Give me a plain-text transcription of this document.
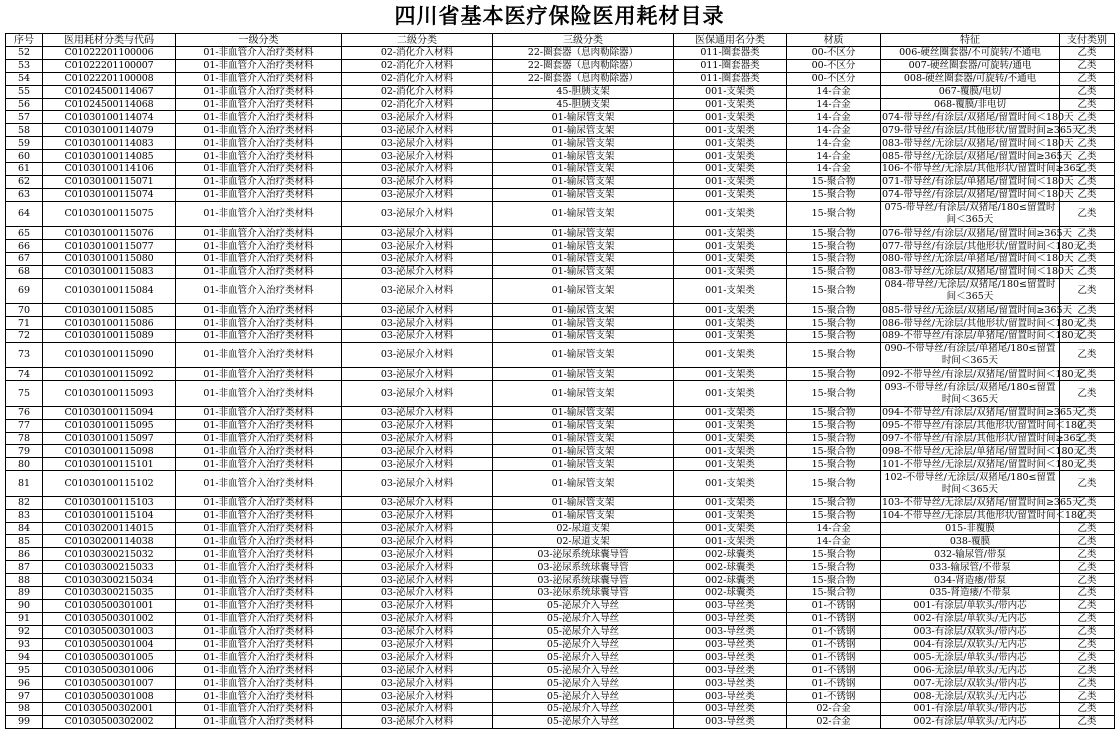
四川省基本医疗保险医用耗材目录
序号	医用耗材分类与代码	一级分类	二级分类	三级分类	医保通用名分类	材质	特征	支付类别
52	C01022201100006	01-非血管介入治疗类材料	02-消化介入材料	22-圈套器（息肉勒除器）	011-圈套器类	00-不区分	006-硬丝圈套器/不可旋转/不通电	乙类
53	C01022201100007	01-非血管介入治疗类材料	02-消化介入材料	22-圈套器（息肉勒除器）	011-圈套器类	00-不区分	007-硬丝圈套器/可旋转/通电	乙类
54	C01022201100008	01-非血管介入治疗类材料	02-消化介入材料	22-圈套器（息肉勒除器）	011-圈套器类	00-不区分	008-硬丝圈套器/可旋转/不通电	乙类
55	C01024500114067	01-非血管介入治疗类材料	02-消化介入材料	45-胆胰支架	001-支架类	14-合金	067-覆膜/电切	乙类
56	C01024500114068	01-非血管介入治疗类材料	02-消化介入材料	45-胆胰支架	001-支架类	14-合金	068-覆膜/非电切	乙类
57	C01030100114074	01-非血管介入治疗类材料	03-泌尿介入材料	01-输尿管支架	001-支架类	14-合金	074-带导丝/有涂层/双猪尾/留置时间＜180天	乙类
58	C01030100114079	01-非血管介入治疗类材料	03-泌尿介入材料	01-输尿管支架	001-支架类	14-合金	079-带导丝/有涂层/其他形状/留置时间≥365天	乙类
59	C01030100114083	01-非血管介入治疗类材料	03-泌尿介入材料	01-输尿管支架	001-支架类	14-合金	083-带导丝/无涂层/双猪尾/留置时间＜180天	乙类
60	C01030100114085	01-非血管介入治疗类材料	03-泌尿介入材料	01-输尿管支架	001-支架类	14-合金	085-带导丝/无涂层/双猪尾/留置时间≥365天	乙类
61	C01030100114106	01-非血管介入治疗类材料	03-泌尿介入材料	01-输尿管支架	001-支架类	14-合金	106-不带导丝/无涂层/其他形状/留置时间≥365	乙类
62	C01030100115071	01-非血管介入治疗类材料	03-泌尿介入材料	01-输尿管支架	001-支架类	15-聚合物	071-带导丝/有涂层/单猪尾/留置时间＜180天	乙类
63	C01030100115074	01-非血管介入治疗类材料	03-泌尿介入材料	01-输尿管支架	001-支架类	15-聚合物	074-带导丝/有涂层/双猪尾/留置时间＜180天	乙类
64	C01030100115075	01-非血管介入治疗类材料	03-泌尿介入材料	01-输尿管支架	001-支架类	15-聚合物	075-带导丝/有涂层/双猪尾/180≤留置时间＜365天	乙类
65	C01030100115076	01-非血管介入治疗类材料	03-泌尿介入材料	01-输尿管支架	001-支架类	15-聚合物	076-带导丝/有涂层/双猪尾/留置时间≥365天	乙类
66	C01030100115077	01-非血管介入治疗类材料	03-泌尿介入材料	01-输尿管支架	001-支架类	15-聚合物	077-带导丝/有涂层/其他形状/留置时间＜180天	乙类
67	C01030100115080	01-非血管介入治疗类材料	03-泌尿介入材料	01-输尿管支架	001-支架类	15-聚合物	080-带导丝/无涂层/单猪尾/留置时间＜180天	乙类
68	C01030100115083	01-非血管介入治疗类材料	03-泌尿介入材料	01-输尿管支架	001-支架类	15-聚合物	083-带导丝/无涂层/双猪尾/留置时间＜180天	乙类
69	C01030100115084	01-非血管介入治疗类材料	03-泌尿介入材料	01-输尿管支架	001-支架类	15-聚合物	084-带导丝/无涂层/双猪尾/180≤留置时间＜365天	乙类
70	C01030100115085	01-非血管介入治疗类材料	03-泌尿介入材料	01-输尿管支架	001-支架类	15-聚合物	085-带导丝/无涂层/双猪尾/留置时间≥365天	乙类
71	C01030100115086	01-非血管介入治疗类材料	03-泌尿介入材料	01-输尿管支架	001-支架类	15-聚合物	086-带导丝/无涂层/其他形状/留置时间＜180天	乙类
72	C01030100115089	01-非血管介入治疗类材料	03-泌尿介入材料	01-输尿管支架	001-支架类	15-聚合物	089-不带导丝/有涂层/单猪尾/留置时间＜180天	乙类
73	C01030100115090	01-非血管介入治疗类材料	03-泌尿介入材料	01-输尿管支架	001-支架类	15-聚合物	090-不带导丝/有涂层/单猪尾/180≤留置时间＜365天	乙类
74	C01030100115092	01-非血管介入治疗类材料	03-泌尿介入材料	01-输尿管支架	001-支架类	15-聚合物	092-不带导丝/有涂层/双猪尾/留置时间＜180天	乙类
75	C01030100115093	01-非血管介入治疗类材料	03-泌尿介入材料	01-输尿管支架	001-支架类	15-聚合物	093-不带导丝/有涂层/双猪尾/180≤留置时间＜365天	乙类
76	C01030100115094	01-非血管介入治疗类材料	03-泌尿介入材料	01-输尿管支架	001-支架类	15-聚合物	094-不带导丝/有涂层/双猪尾/留置时间≥365天	乙类
77	C01030100115095	01-非血管介入治疗类材料	03-泌尿介入材料	01-输尿管支架	001-支架类	15-聚合物	095-不带导丝/有涂层/其他形状/留置时间＜180	乙类
78	C01030100115097	01-非血管介入治疗类材料	03-泌尿介入材料	01-输尿管支架	001-支架类	15-聚合物	097-不带导丝/有涂层/其他形状/留置时间≥365	乙类
79	C01030100115098	01-非血管介入治疗类材料	03-泌尿介入材料	01-输尿管支架	001-支架类	15-聚合物	098-不带导丝/无涂层/单猪尾/留置时间＜180天	乙类
80	C01030100115101	01-非血管介入治疗类材料	03-泌尿介入材料	01-输尿管支架	001-支架类	15-聚合物	101-不带导丝/无涂层/双猪尾/留置时间＜180天	乙类
81	C01030100115102	01-非血管介入治疗类材料	03-泌尿介入材料	01-输尿管支架	001-支架类	15-聚合物	102-不带导丝/无涂层/双猪尾/180≤留置时间＜365天	乙类
82	C01030100115103	01-非血管介入治疗类材料	03-泌尿介入材料	01-输尿管支架	001-支架类	15-聚合物	103-不带导丝/无涂层/双猪尾/留置时间≥365天	乙类
83	C01030100115104	01-非血管介入治疗类材料	03-泌尿介入材料	01-输尿管支架	001-支架类	15-聚合物	104-不带导丝/无涂层/其他形状/留置时间＜180	乙类
84	C01030200114015	01-非血管介入治疗类材料	03-泌尿介入材料	02-尿道支架	001-支架类	14-合金	015-非覆膜	乙类
85	C01030200114038	01-非血管介入治疗类材料	03-泌尿介入材料	02-尿道支架	001-支架类	14-合金	038-覆膜	乙类
86	C01030300215032	01-非血管介入治疗类材料	03-泌尿介入材料	03-泌尿系统球囊导管	002-球囊类	15-聚合物	032-输尿管/带泵	乙类
87	C01030300215033	01-非血管介入治疗类材料	03-泌尿介入材料	03-泌尿系统球囊导管	002-球囊类	15-聚合物	033-输尿管/不带泵	乙类
88	C01030300215034	01-非血管介入治疗类材料	03-泌尿介入材料	03-泌尿系统球囊导管	002-球囊类	15-聚合物	034-肾造瘘/带泵	乙类
89	C01030300215035	01-非血管介入治疗类材料	03-泌尿介入材料	03-泌尿系统球囊导管	002-球囊类	15-聚合物	035-肾造瘘/不带泵	乙类
90	C01030500301001	01-非血管介入治疗类材料	03-泌尿介入材料	05-泌尿介入导丝	003-导丝类	01-不锈钢	001-有涂层/单软头/带内芯	乙类
91	C01030500301002	01-非血管介入治疗类材料	03-泌尿介入材料	05-泌尿介入导丝	003-导丝类	01-不锈钢	002-有涂层/单软头/无内芯	乙类
92	C01030500301003	01-非血管介入治疗类材料	03-泌尿介入材料	05-泌尿介入导丝	003-导丝类	01-不锈钢	003-有涂层/双软头/带内芯	乙类
93	C01030500301004	01-非血管介入治疗类材料	03-泌尿介入材料	05-泌尿介入导丝	003-导丝类	01-不锈钢	004-有涂层/双软头/无内芯	乙类
94	C01030500301005	01-非血管介入治疗类材料	03-泌尿介入材料	05-泌尿介入导丝	003-导丝类	01-不锈钢	005-无涂层/单软头/带内芯	乙类
95	C01030500301006	01-非血管介入治疗类材料	03-泌尿介入材料	05-泌尿介入导丝	003-导丝类	01-不锈钢	006-无涂层/单软头/无内芯	乙类
96	C01030500301007	01-非血管介入治疗类材料	03-泌尿介入材料	05-泌尿介入导丝	003-导丝类	01-不锈钢	007-无涂层/双软头/带内芯	乙类
97	C01030500301008	01-非血管介入治疗类材料	03-泌尿介入材料	05-泌尿介入导丝	003-导丝类	01-不锈钢	008-无涂层/双软头/无内芯	乙类
98	C01030500302001	01-非血管介入治疗类材料	03-泌尿介入材料	05-泌尿介入导丝	003-导丝类	02-合金	001-有涂层/单软头/带内芯	乙类
99	C01030500302002	01-非血管介入治疗类材料	03-泌尿介入材料	05-泌尿介入导丝	003-导丝类	02-合金	002-有涂层/单软头/无内芯	乙类
